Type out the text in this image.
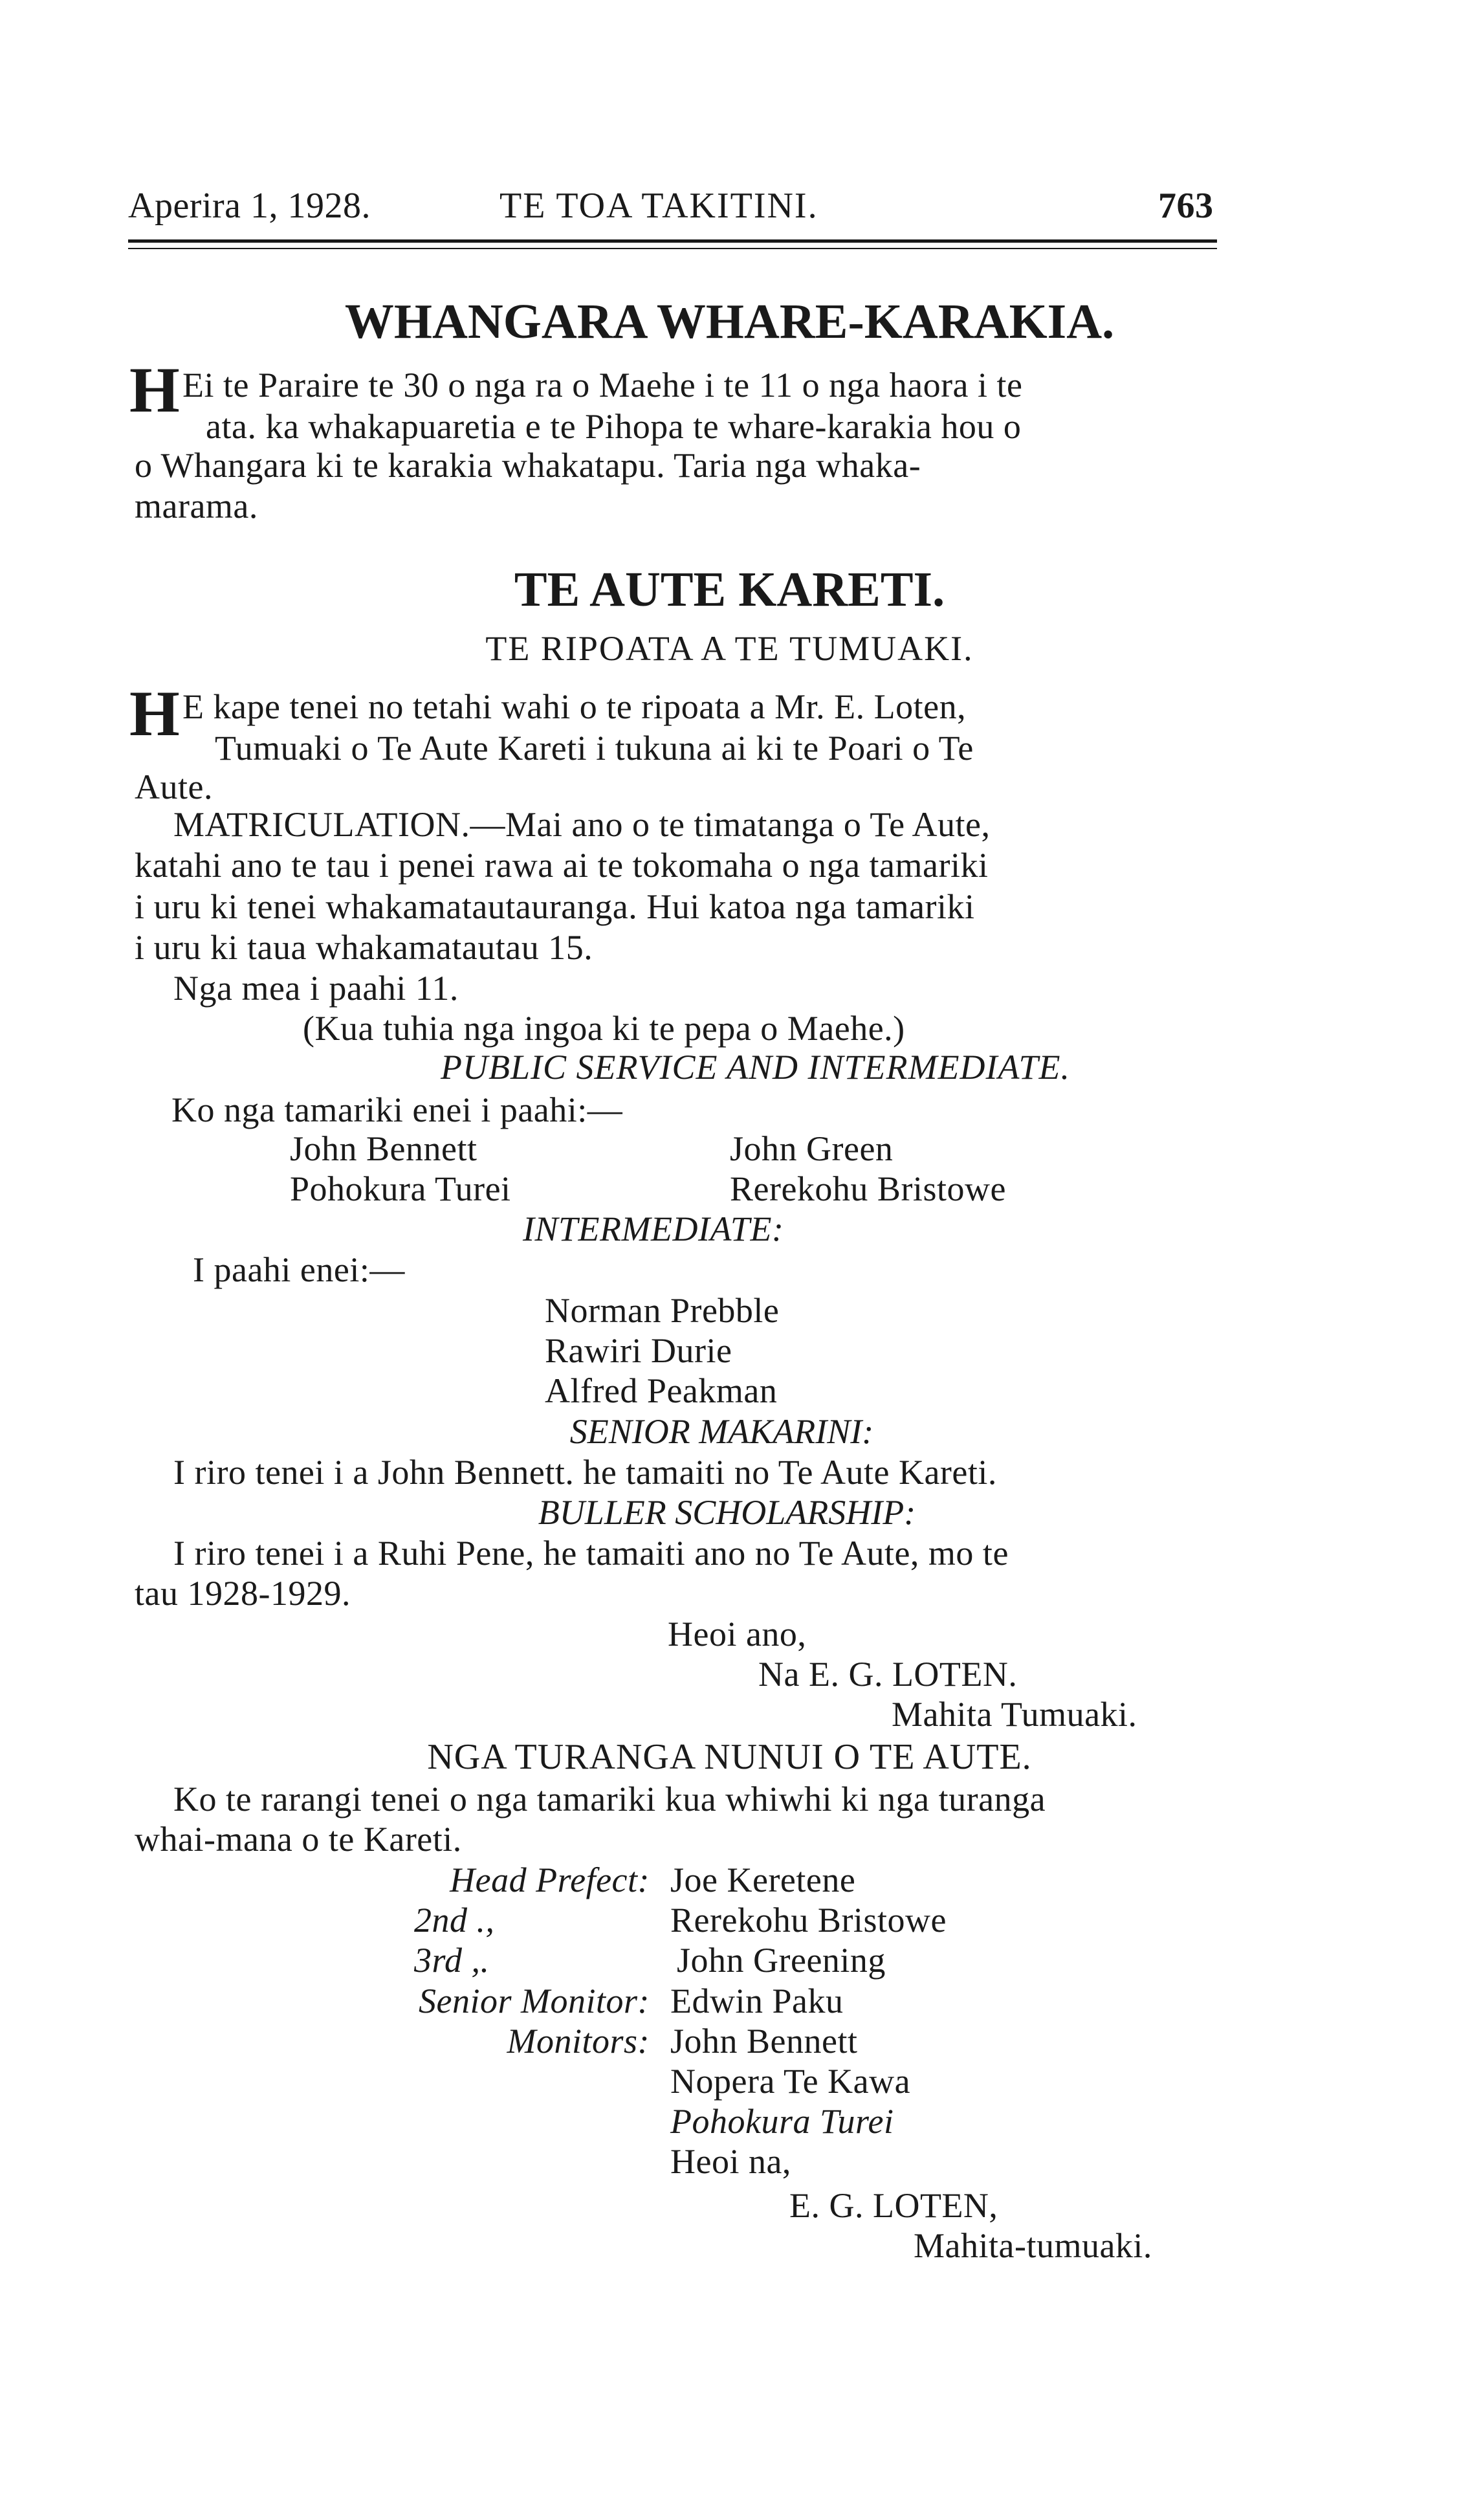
Aperira 1, 1928.	TE TOA TAKITINI.	763
WHANGARA WHARE-KARAKIA.
H Ei te Paraire te 30 o nga ra o Maehe i te 11 o nga haora i te
ata. ka whakapuaretia e te Pihopa te whare-karakia hou o
o Whangara ki te karakia whakatapu. Taria nga whaka-
marama.
TE AUTE KARETI.
TE RIPOATA A TE TUMUAKI.
H E kape tenei no tetahi wahi o te ripoata a Mr. E. Loten,
Tumuaki o Te Aute Kareti i tukuna ai ki te Poari o Te
Aute.
MATRICULATION.—Mai ano o te timatanga o Te Aute,
katahi ano te tau i penei rawa ai te tokomaha o nga tamariki
i uru ki tenei whakamatautauranga. Hui katoa nga tamariki
i uru ki taua whakamatautau 15.
Nga mea i paahi 11.
(Kua tuhia nga ingoa ki te pepa o Maehe.)
PUBLIC SERVICE AND INTERMEDIATE.
Ko nga tamariki enei i paahi:—
John Bennett	John Green
Pohokura Turei	Rerekohu Bristowe
INTERMEDIATE:
I paahi enei:—
Norman Prebble
Rawiri Durie
Alfred Peakman
SENIOR MAKARINI:
I riro tenei i a John Bennett. he tamaiti no Te Aute Kareti.
BULLER SCHOLARSHIP:
I riro tenei i a Ruhi Pene, he tamaiti ano no Te Aute, mo te
tau 1928-1929.
Heoi ano,
Na E. G. LOTEN.
Mahita Tumuaki.
NGA TURANGA NUNUI O TE AUTE.
Ko te rarangi tenei o nga tamariki kua whiwhi ki nga turanga
whai-mana o te Kareti.
Head Prefect: Joe Keretene
2nd .,	Rerekohu Bristowe
3rd ,.	John Greening
Senior Monitor: Edwin Paku
Monitors: John Bennett
Nopera Te Kawa
Pohokura Turei
Heoi na,
E. G. LOTEN,
Mahita-tumuaki.
